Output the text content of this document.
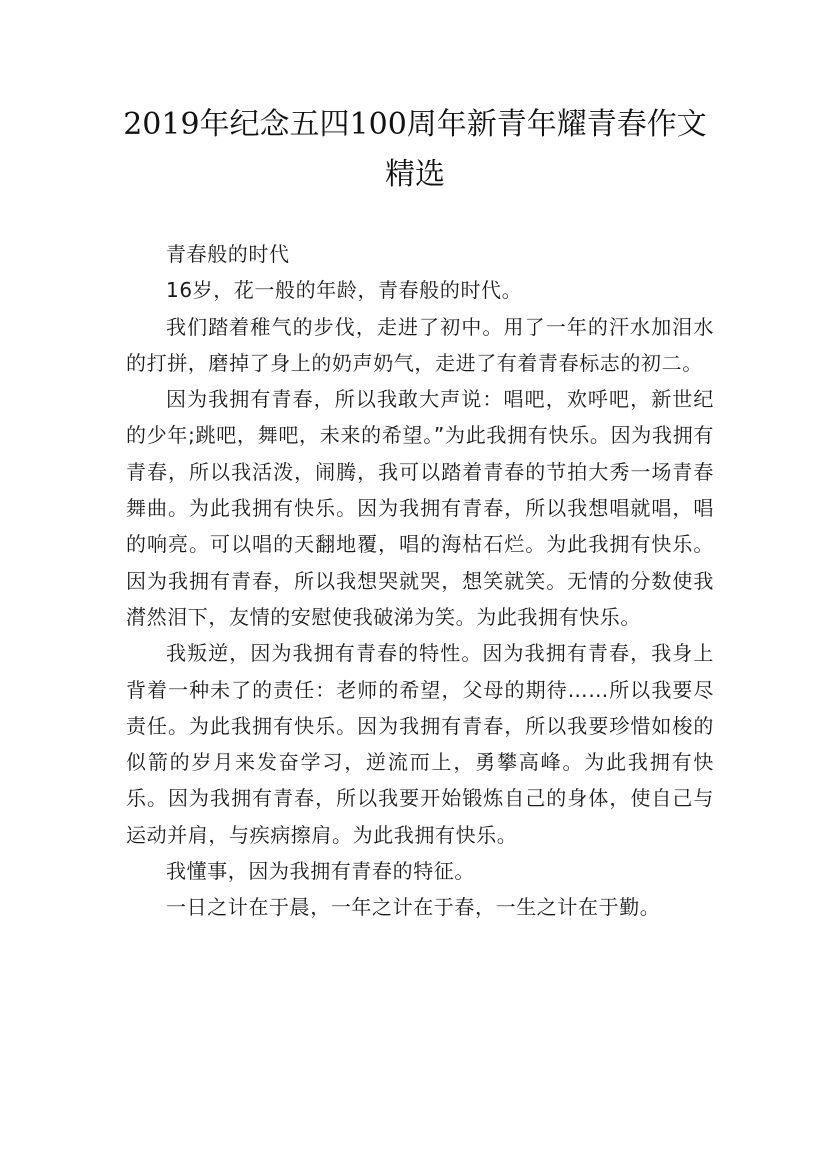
2019年纪念五四100周年新青年耀青春作文精选

青春般的时代

16岁，花一般的年龄，青春般的时代。

我们踏着稚气的步伐，走进了初中。用了一年的汗水加泪水的打拼，磨掉了身上的奶声奶气，走进了有着青春标志的初二。

因为我拥有青春，所以我敢大声说：唱吧，欢呼吧，新世纪的少年;跳吧，舞吧，未来的希望。”为此我拥有快乐。因为我拥有青春，所以我活泼，闹腾，我可以踏着青春的节拍大秀一场青春舞曲。为此我拥有快乐。因为我拥有青春，所以我想唱就唱，唱的响亮。可以唱的天翻地覆，唱的海枯石烂。为此我拥有快乐。因为我拥有青春，所以我想哭就哭，想笑就笑。无情的分数使我潸然泪下，友情的安慰使我破涕为笑。为此我拥有快乐。

我叛逆，因为我拥有青春的特性。因为我拥有青春，我身上背着一种未了的责任：老师的希望，父母的期待……所以我要尽责任。为此我拥有快乐。因为我拥有青春，所以我要珍惜如梭的似箭的岁月来发奋学习，逆流而上，勇攀高峰。为此我拥有快乐。因为我拥有青春，所以我要开始锻炼自己的身体，使自己与运动并肩，与疾病擦肩。为此我拥有快乐。

我懂事，因为我拥有青春的特征。

一日之计在于晨，一年之计在于春，一生之计在于勤。
